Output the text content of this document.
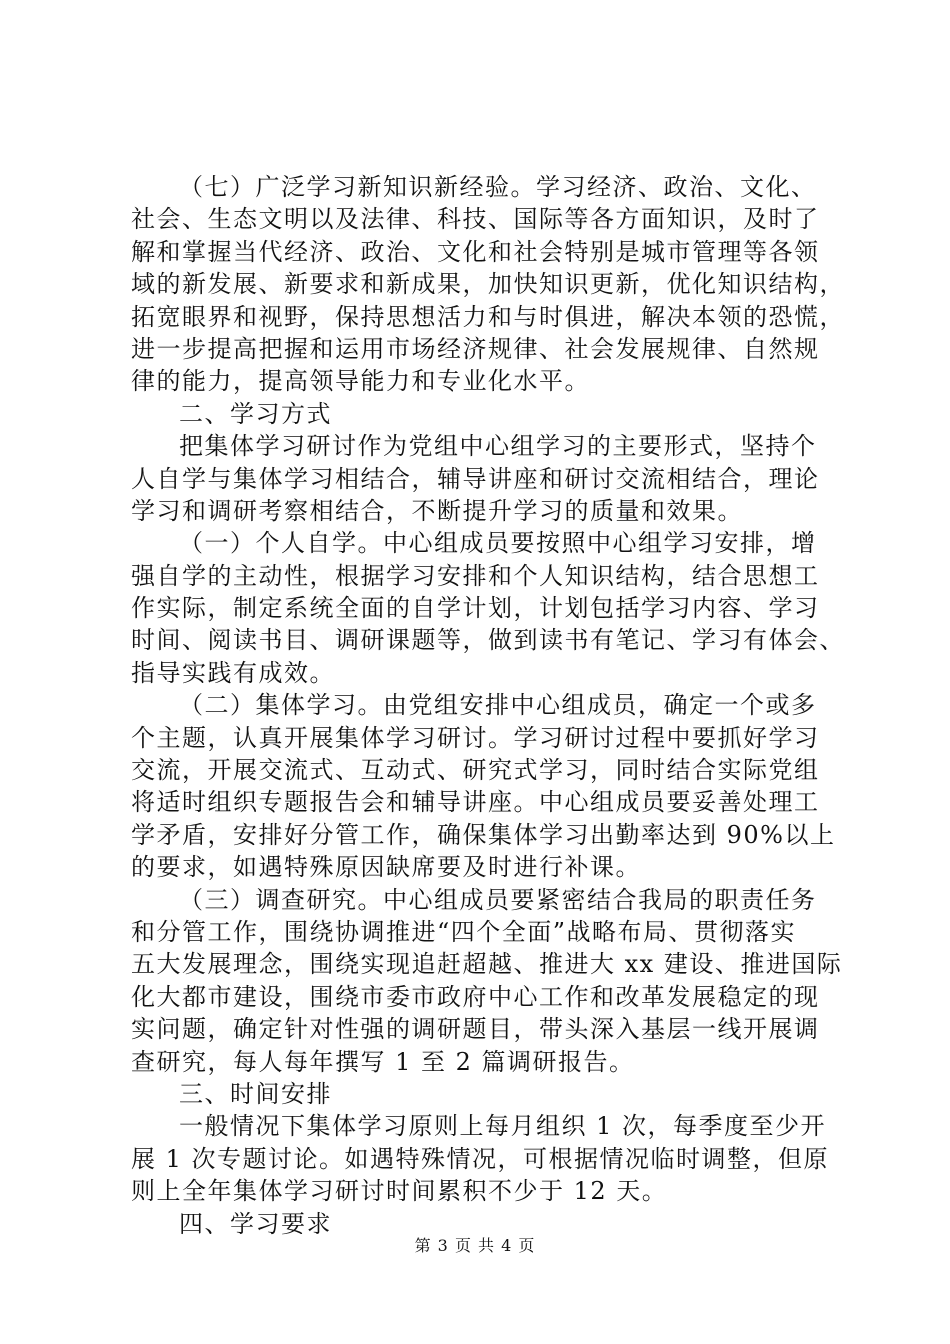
（七）广泛学习新知识新经验。学习经济、政治、文化、
社会、生态文明以及法律、科技、国际等各方面知识，及时了
解和掌握当代经济、政治、文化和社会特别是城市管理等各领
域的新发展、新要求和新成果，加快知识更新，优化知识结构，
拓宽眼界和视野，保持思想活力和与时俱进，解决本领的恐慌，
进一步提高把握和运用市场经济规律、社会发展规律、自然规
律的能力，提高领导能力和专业化水平。
二、学习方式
把集体学习研讨作为党组中心组学习的主要形式，坚持个
人自学与集体学习相结合，辅导讲座和研讨交流相结合，理论
学习和调研考察相结合，不断提升学习的质量和效果。
（一）个人自学。中心组成员要按照中心组学习安排，增
强自学的主动性，根据学习安排和个人知识结构，结合思想工
作实际，制定系统全面的自学计划，计划包括学习内容、学习
时间、阅读书目、调研课题等，做到读书有笔记、学习有体会、
指导实践有成效。
（二）集体学习。由党组安排中心组成员，确定一个或多
个主题，认真开展集体学习研讨。学习研讨过程中要抓好学习
交流，开展交流式、互动式、研究式学习，同时结合实际党组
将适时组织专题报告会和辅导讲座。中心组成员要妥善处理工
学矛盾，安排好分管工作，确保集体学习出勤率达到 90%以上
的要求，如遇特殊原因缺席要及时进行补课。
（三）调查研究。中心组成员要紧密结合我局的职责任务
和分管工作，围绕协调推进“四个全面”战略布局、贯彻落实
五大发展理念，围绕实现追赶超越、推进大 xx 建设、推进国际
化大都市建设，围绕市委市政府中心工作和改革发展稳定的现
实问题，确定针对性强的调研题目，带头深入基层一线开展调
查研究，每人每年撰写 1 至 2 篇调研报告。
三、时间安排
一般情况下集体学习原则上每月组织 1 次，每季度至少开
展 1 次专题讨论。如遇特殊情况，可根据情况临时调整，但原
则上全年集体学习研讨时间累积不少于 12 天。
四、学习要求
第 3 页 共 4 页
